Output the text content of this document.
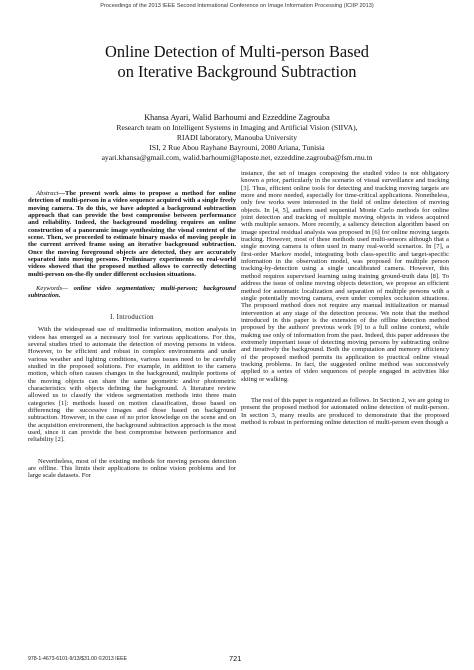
Proceedings of the 2013 IEEE Second International Conference on Image Information Processing (ICIIP 2013)
Online Detection of Multi-person Based
on Iterative Background Subtraction
Khansa Ayari, Walid Barhoumi and Ezzeddine Zagrouba
Research team on Intelligent Systems in Imaging and Artificial Vision (SIIVA),
RIADI laboratory, Manouba University
ISI, 2 Rue Abou Rayhane Bayrouni, 2080 Ariana, Tunisia
ayari.khansa@gmail.com, walid.barhoumi@laposte.net, ezzeddine.zagrouba@fsm.rnu.tn

Abstract—The present work aims to propose a method for online detection of multi-person in a video sequence acquired with a single freely moving camera. To do this, we have adopted a background subtraction approach that can provide the best compromise between performance and reliability. Indeed, the background modeling requires an online construction of a panoramic image synthesizing the visual content of the scene. Then, we proceeded to estimate binary masks of moving people in the current arrived frame using an iterative background subtraction. Once the moving foreground objects are detected, they are accurately separated into moving persons. Preliminary experiments on real-world videos showed that the proposed method allows to correctly detecting multi-person on-the-fly under different occlusion situations.

Keywords— online video segmentation; multi-person; background subtraction.

I. Introduction

With the widespread use of multimedia information, motion analysis in videos has emerged as a necessary tool for various applications. For this, several studies tried to automate the detection of moving persons in videos. However, to be efficient and robust in complex environments and under various weather and lighting conditions, various issues need to be carefully studied in the proposed solutions. For example, in addition to the camera motion, which often causes changes in the background, multiple portions of the moving objects can share the same geometric and/or photometric characteristics with objects defining the background. A literature review allowed us to classify the videos segmentation methods into three main categories [1]: methods based on motion classification, those based on differencing the successive images and those based on background subtraction. However, in the case of no prior knowledge on the scene and on the acquisition environment, the background subtraction approach is the most used, since it can provide the best compromise between performance and reliability [2].

Nevertheless, most of the existing methods for moving persons detection are offline. This limits their applications to online vision problems and for large scale datasets. For

instance, the set of images composing the studied video is not obligatory known a prior, particularly in the scenario of visual surveillance and tracking [3]. Thus, efficient online tools for detecting and tracking moving targets are more and more needed, especially for time-critical applications. Nonetheless, only few works were interested in the field of online detection of moving objects. In [4, 5], authors used sequential Monte Carlo methods for online joint detection and tracking of multiple moving objects in videos acquired with multiple sensors. More recently, a saliency detection algorithm based on image spectral residual analysis was proposed in [6] for online moving targets tracking. However, most of these methods used multi-sensors although that a single moving camera is often used in many real-world scenarios. In [7], a first-order Markov model, integrating both class-specific and target-specific information in the observation model, was proposed for multiple person tracking-by-detection using a single uncalibrated camera. However, this method requires supervised learning using training ground-truth data [8]. To address the issue of online moving objects detection, we propose an efficient method for automatic localization and separation of multiple persons with a single potentially moving camera, even under complex occlusion situations. The proposed method does not require any manual initialization or manual intervention at any stage of the detection process. We note that the method introduced in this paper is the extension of the offline detection method proposed by the authors' previous work [9] to a full online context, while making use only of information from the past. Indeed, this paper addresses the extremely important issue of detecting moving persons by subtracting online and iteratively the background. Both the computation and memory efficiency of the proposed method permits its application to practical online visual tracking problems. In fact, the suggested online method was successively applied to a series of video sequences of people engaged in activities like skiing or walking.

The rest of this paper is organized as follows. In Section 2, we are going to present the proposed method for automated online detection of multi-person. In section 3, many results are produced to demonstrate that the proposed method is robust in performing online detection of multi-person even though a

978-1-4673-6101-9/13/$31.00 ©2013 IEEE	721
